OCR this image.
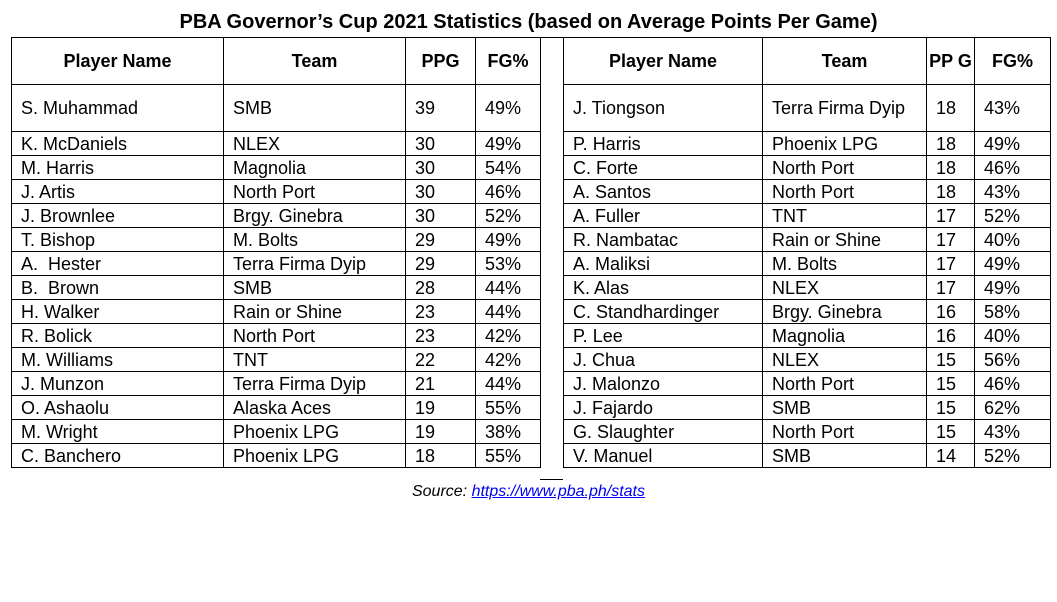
PBA Governor’s Cup 2021 Statistics (based on Average Points Per Game)
Player Name	Team	PPG	FG%
S. Muhammad	SMB	39	49%
K. McDaniels	NLEX	30	49%
M. Harris	Magnolia	30	54%
J. Artis	North Port	30	46%
J. Brownlee	Brgy. Ginebra	30	52%
T. Bishop	M. Bolts	29	49%
A.  Hester	Terra Firma Dyip	29	53%
B.  Brown	SMB	28	44%
H. Walker	Rain or Shine	23	44%
R. Bolick	North Port	23	42%
M. Williams	TNT	22	42%
J. Munzon	Terra Firma Dyip	21	44%
O. Ashaolu	Alaska Aces	19	55%
M. Wright	Phoenix LPG	19	38%
C. Banchero	Phoenix LPG	18	55%
Player Name	Team	PP G	FG%
J. Tiongson	Terra Firma Dyip	18	43%
P. Harris	Phoenix LPG	18	49%
C. Forte	North Port	18	46%
A. Santos	North Port	18	43%
A. Fuller	TNT	17	52%
R. Nambatac	Rain or Shine	17	40%
A. Maliksi	M. Bolts	17	49%
K. Alas	NLEX	17	49%
C. Standhardinger	Brgy. Ginebra	16	58%
P. Lee	Magnolia	16	40%
J. Chua	NLEX	15	56%
J. Malonzo	North Port	15	46%
J. Fajardo	SMB	15	62%
G. Slaughter	North Port	15	43%
V. Manuel	SMB	14	52%
Source: https://www.pba.ph/stats
